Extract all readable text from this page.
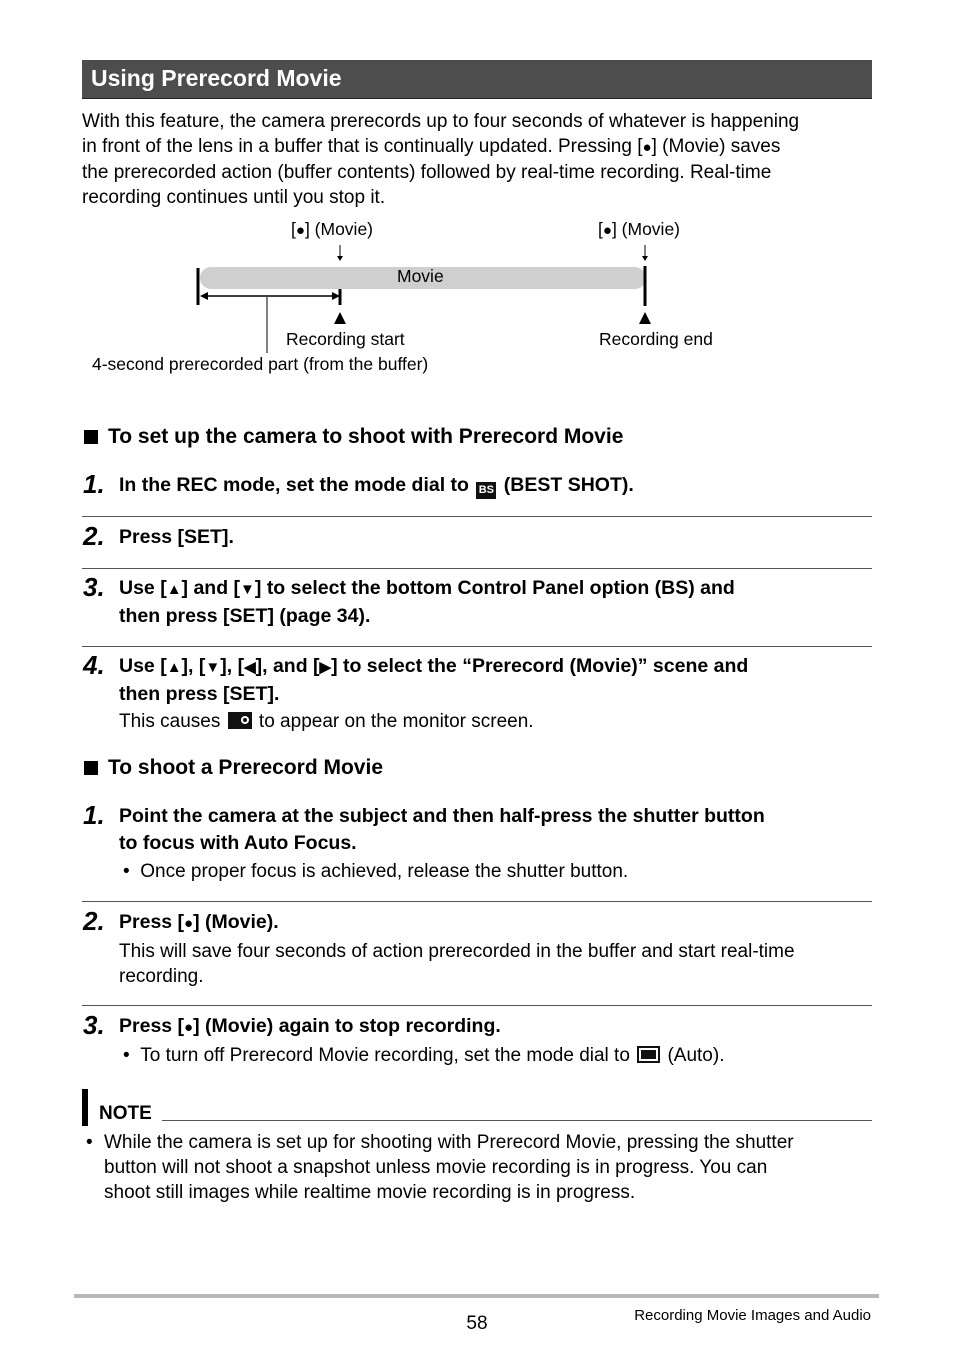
Using Prerecord Movie
With this feature, the camera prerecords up to four seconds of whatever is happening
in front of the lens in a buffer that is continually updated. Pressing [●] (Movie) saves
the prerecorded action (buffer contents) followed by real-time recording. Real-time
recording continues until you stop it.
[●] (Movie)	[●] (Movie)
Movie
Recording start	Recording end
4-second prerecorded part (from the buffer)
To set up the camera to shoot with Prerecord Movie
1. In the REC mode, set the mode dial to BS (BEST SHOT).
2. Press [SET].
3. Use [▲] and [▼] to select the bottom Control Panel option (BS) and
then press [SET] (page 34).
4. Use [▲], [▼], [◀], and [▶] to select the “Prerecord (Movie)” scene and
then press [SET].
This causes  to appear on the monitor screen.
To shoot a Prerecord Movie
1. Point the camera at the subject and then half-press the shutter button
to focus with Auto Focus.
• Once proper focus is achieved, release the shutter button.
2. Press [●] (Movie).
This will save four seconds of action prerecorded in the buffer and start real-time
recording.
3. Press [●] (Movie) again to stop recording.
• To turn off Prerecord Movie recording, set the mode dial to  (Auto).
NOTE
• While the camera is set up for shooting with Prerecord Movie, pressing the shutter
button will not shoot a snapshot unless movie recording is in progress. You can
shoot still images while realtime movie recording is in progress.
58	Recording Movie Images and Audio
